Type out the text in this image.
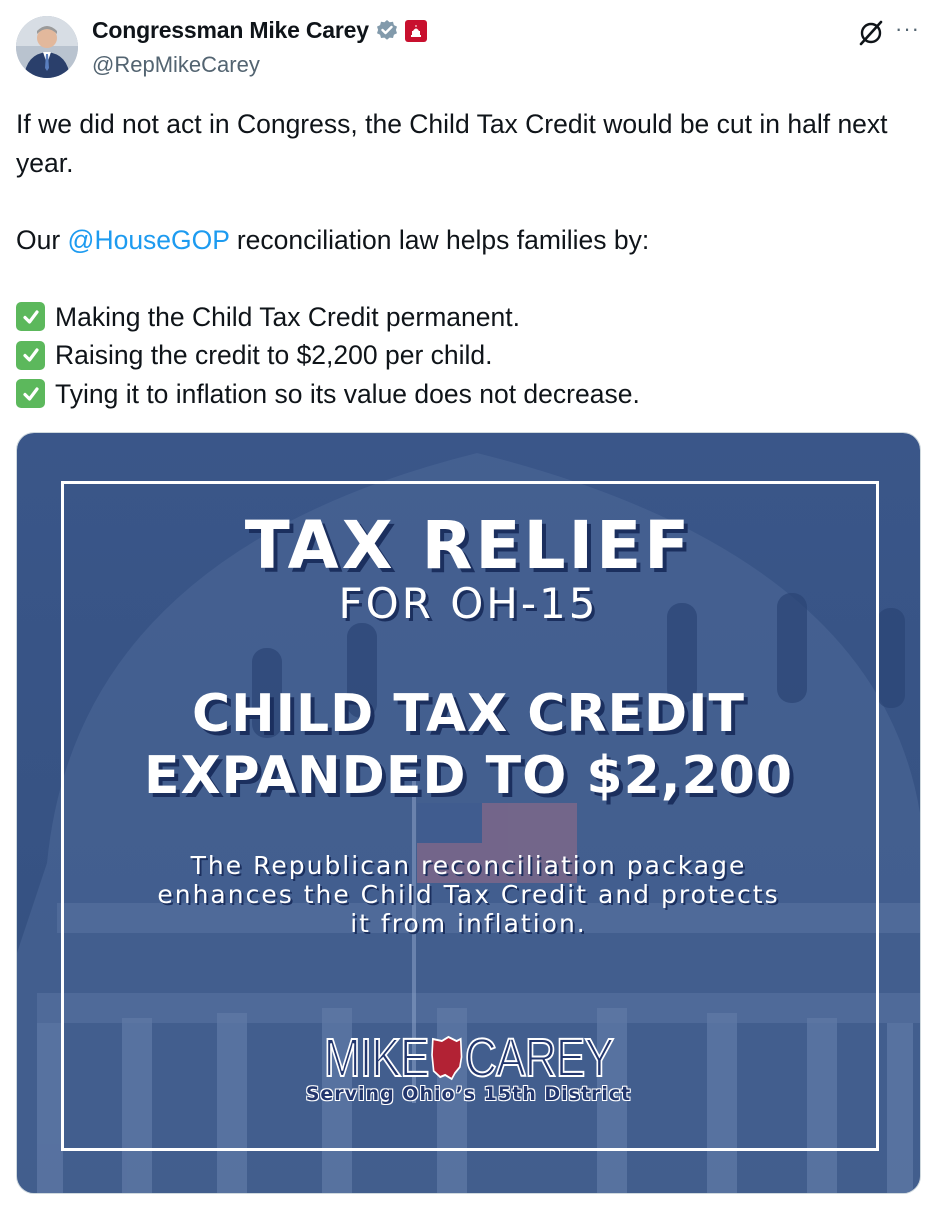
Congressman Mike Carey
@RepMikeCarey
···

If we did not act in Congress, the Child Tax Credit would be cut in half next year.

Our @HouseGOP reconciliation law helps families by:

Making the Child Tax Credit permanent.
Raising the credit to $2,200 per child.
Tying it to inflation so its value does not decrease.
TAX RELIEF
FOR OH-15
CHILD TAX CREDIT
EXPANDED TO $2,200
The Republican reconciliation package
enhances the Child Tax Credit and protects
it from inflation.
MIKE CAREY
Serving Ohio’s 15th District
